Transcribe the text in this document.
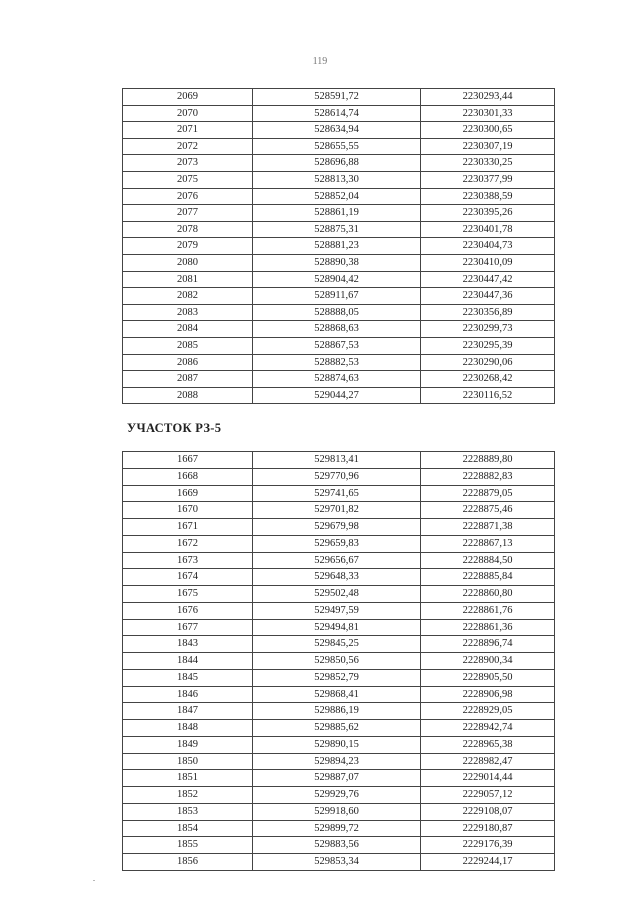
119
2069	528591,72	2230293,44
2070	528614,74	2230301,33
2071	528634,94	2230300,65
2072	528655,55	2230307,19
2073	528696,88	2230330,25
2075	528813,30	2230377,99
2076	528852,04	2230388,59
2077	528861,19	2230395,26
2078	528875,31	2230401,78
2079	528881,23	2230404,73
2080	528890,38	2230410,09
2081	528904,42	2230447,42
2082	528911,67	2230447,36
2083	528888,05	2230356,89
2084	528868,63	2230299,73
2085	528867,53	2230295,39
2086	528882,53	2230290,06
2087	528874,63	2230268,42
2088	529044,27	2230116,52
УЧАСТОК РЗ-5
1667	529813,41	2228889,80
1668	529770,96	2228882,83
1669	529741,65	2228879,05
1670	529701,82	2228875,46
1671	529679,98	2228871,38
1672	529659,83	2228867,13
1673	529656,67	2228884,50
1674	529648,33	2228885,84
1675	529502,48	2228860,80
1676	529497,59	2228861,76
1677	529494,81	2228861,36
1843	529845,25	2228896,74
1844	529850,56	2228900,34
1845	529852,79	2228905,50
1846	529868,41	2228906,98
1847	529886,19	2228929,05
1848	529885,62	2228942,74
1849	529890,15	2228965,38
1850	529894,23	2228982,47
1851	529887,07	2229014,44
1852	529929,76	2229057,12
1853	529918,60	2229108,07
1854	529899,72	2229180,87
1855	529883,56	2229176,39
1856	529853,34	2229244,17
.
